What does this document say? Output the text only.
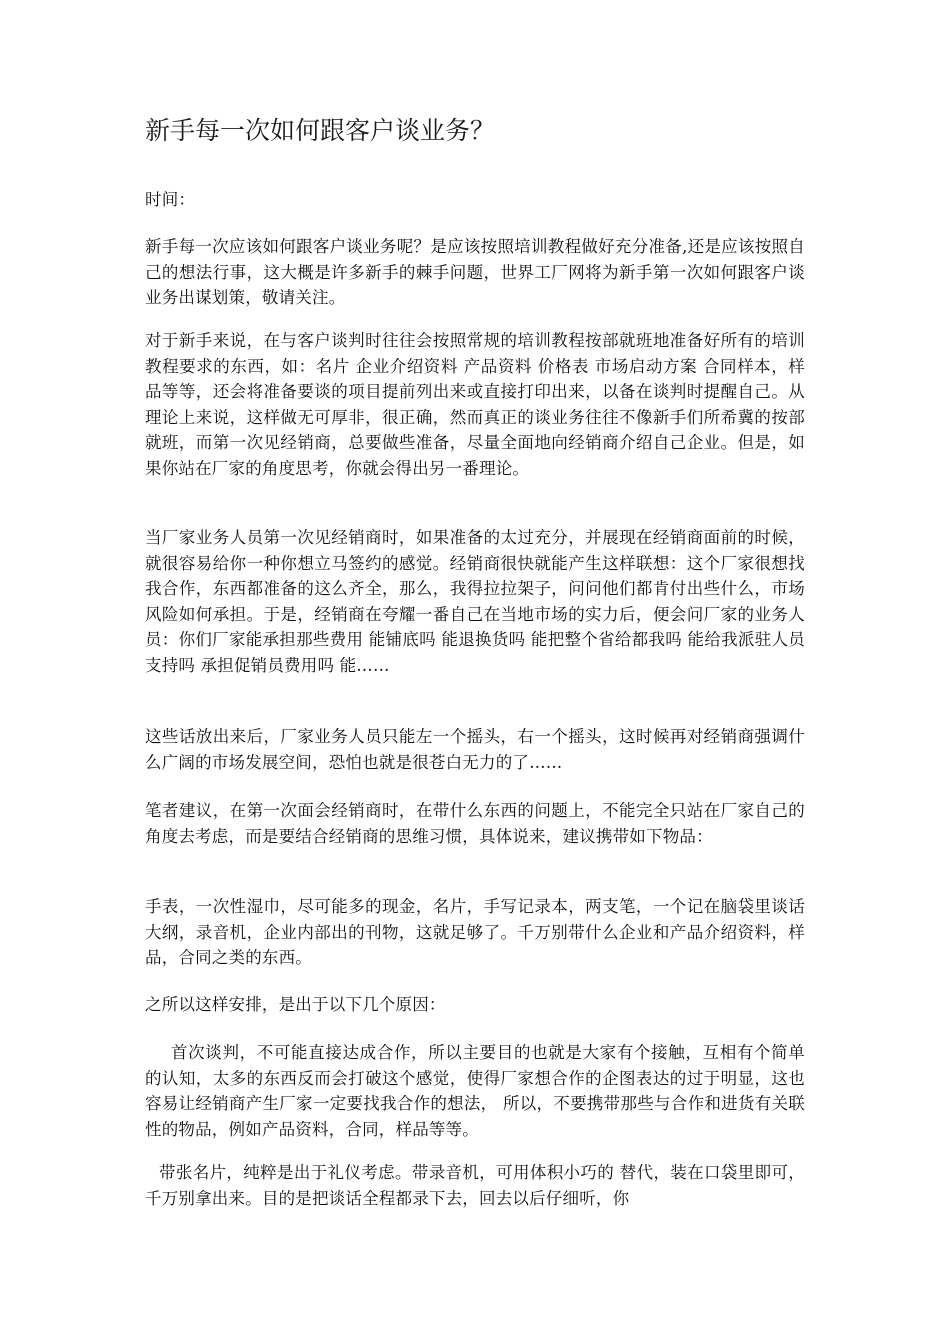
新手每一次如何跟客户谈业务？

时间：

新手每一次应该如何跟客户谈业务呢？是应该按照培训教程做好充分准备,还是应该按照自己的想法行事，这大概是许多新手的棘手问题，世界工厂网将为新手第一次如何跟客户谈业务出谋划策，敬请关注。

对于新手来说，在与客户谈判时往往会按照常规的培训教程按部就班地准备好所有的培训教程要求的东西，如：名片 企业介绍资料 产品资料 价格表 市场启动方案 合同样本，样品等等，还会将准备要谈的项目提前列出来或直接打印出来，以备在谈判时提醒自己。从理论上来说，这样做无可厚非，很正确，然而真正的谈业务往往不像新手们所希冀的按部就班，而第一次见经销商，总要做些准备，尽量全面地向经销商介绍自己企业。但是，如果你站在厂家的角度思考，你就会得出另一番理论。

当厂家业务人员第一次见经销商时，如果准备的太过充分，并展现在经销商面前的时候，就很容易给你一种你想立马签约的感觉。经销商很快就能产生这样联想：这个厂家很想找我合作，东西都准备的这么齐全，那么，我得拉拉架子，问问他们都肯付出些什么，市场风险如何承担。于是，经销商在夸耀一番自己在当地市场的实力后，便会问厂家的业务人员：你们厂家能承担那些费用 能铺底吗 能退换货吗 能把整个省给都我吗 能给我派驻人员支持吗 承担促销员费用吗 能……

这些话放出来后，厂家业务人员只能左一个摇头，右一个摇头，这时候再对经销商强调什么广阔的市场发展空间，恐怕也就是很苍白无力的了……

笔者建议，在第一次面会经销商时，在带什么东西的问题上，不能完全只站在厂家自己的角度去考虑，而是要结合经销商的思维习惯，具体说来，建议携带如下物品：

手表，一次性湿巾，尽可能多的现金，名片，手写记录本，两支笔，一个记在脑袋里谈话大纲，录音机，企业内部出的刊物，这就足够了。千万别带什么企业和产品介绍资料，样品，合同之类的东西。

之所以这样安排，是出于以下几个原因：

首次谈判，不可能直接达成合作，所以主要目的也就是大家有个接触，互相有个简单的认知，太多的东西反而会打破这个感觉，使得厂家想合作的企图表达的过于明显，这也容易让经销商产生厂家一定要找我合作的想法， 所以，不要携带那些与合作和进货有关联性的物品，例如产品资料，合同，样品等等。

带张名片，纯粹是出于礼仪考虑。带录音机，可用体积小巧的 替代，装在口袋里即可，千万别拿出来。目的是把谈话全程都录下去，回去以后仔细听，你
